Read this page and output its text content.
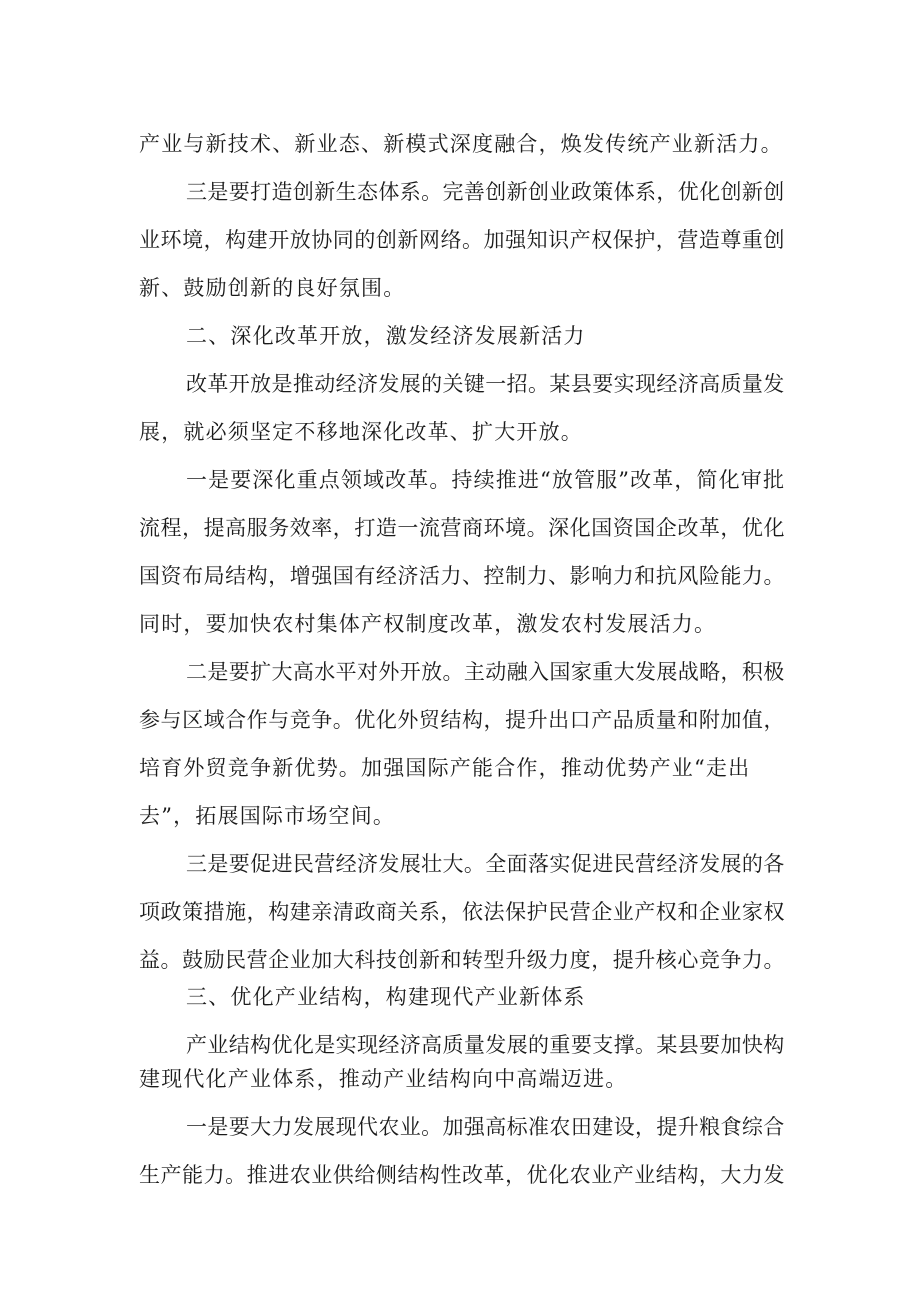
产业与新技术、新业态、新模式深度融合，焕发传统产业新活力。
三是要打造创新生态体系。完善创新创业政策体系，优化创新创
业环境，构建开放协同的创新网络。加强知识产权保护，营造尊重创
新、鼓励创新的良好氛围。
二、深化改革开放，激发经济发展新活力
改革开放是推动经济发展的关键一招。某县要实现经济高质量发
展，就必须坚定不移地深化改革、扩大开放。
一是要深化重点领域改革。持续推进“放管服”改革，简化审批
流程，提高服务效率，打造一流营商环境。深化国资国企改革，优化
国资布局结构，增强国有经济活力、控制力、影响力和抗风险能力。
同时，要加快农村集体产权制度改革，激发农村发展活力。
二是要扩大高水平对外开放。主动融入国家重大发展战略，积极
参与区域合作与竞争。优化外贸结构，提升出口产品质量和附加值，
培育外贸竞争新优势。加强国际产能合作，推动优势产业“走出
去”，拓展国际市场空间。
三是要促进民营经济发展壮大。全面落实促进民营经济发展的各
项政策措施，构建亲清政商关系，依法保护民营企业产权和企业家权
益。鼓励民营企业加大科技创新和转型升级力度，提升核心竞争力。
三、优化产业结构，构建现代产业新体系
产业结构优化是实现经济高质量发展的重要支撑。某县要加快构
建现代化产业体系，推动产业结构向中高端迈进。
一是要大力发展现代农业。加强高标准农田建设，提升粮食综合
生产能力。推进农业供给侧结构性改革，优化农业产业结构，大力发
